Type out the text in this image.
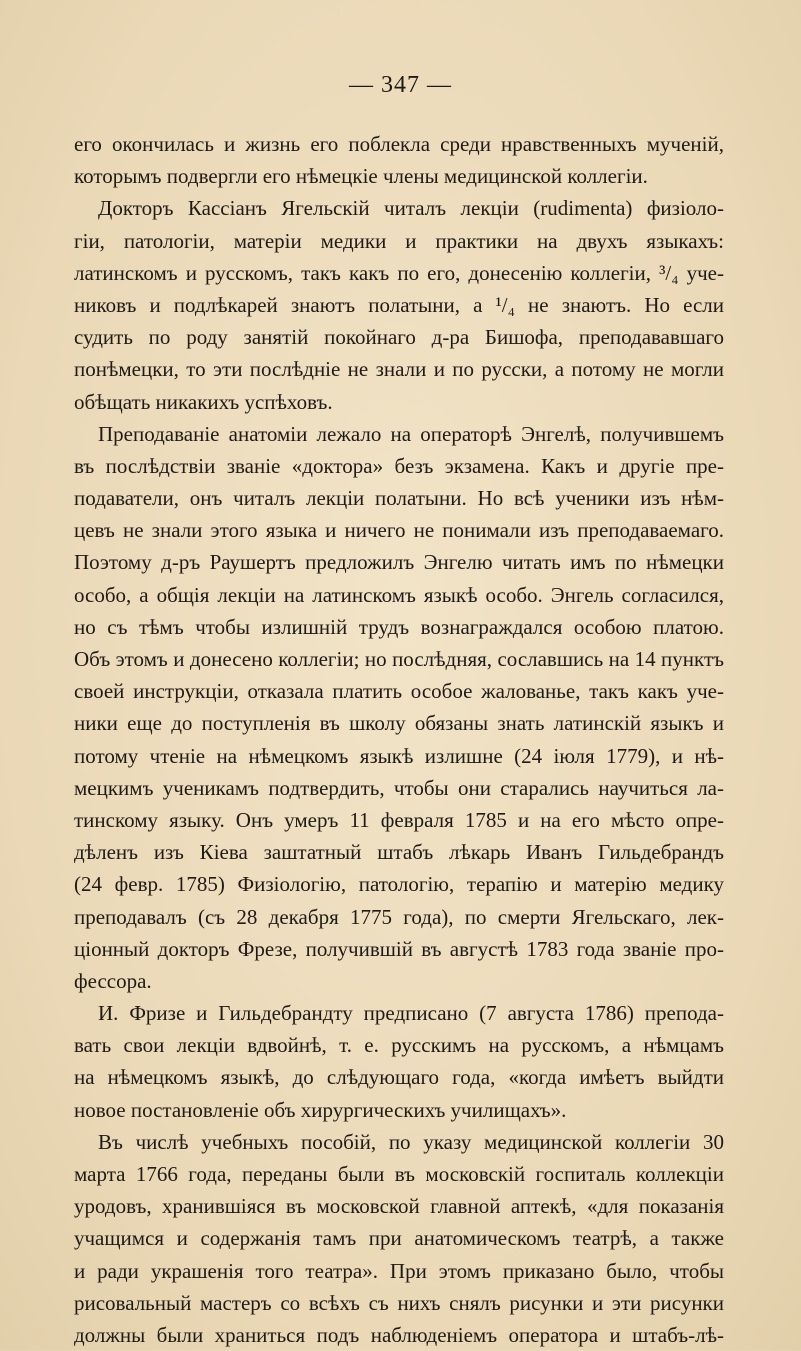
— 347 —
его окончилась и жизнь его поблекла среди нравственныхъ мученій,
которымъ подвергли его нѣмецкіе члены медицинской коллегіи.
Докторъ Кассіанъ Ягельскій читалъ лекціи (rudimenta) физіоло-
гіи, патологіи, матеріи медики и практики на двухъ языкахъ:
латинскомъ и русскомъ, такъ какъ по его, донесенію коллегіи, ³/₄ уче-
никовъ и подлѣкарей знаютъ полатыни, а ¹/₄ не знаютъ. Но если
судить по роду занятій покойнаго д-ра Бишофа, преподававшаго
понѣмецки, то эти послѣдніе не знали и по русски, а потому не могли
обѣщать никакихъ успѣховъ.
Преподаваніе анатоміи лежало на операторѣ Энгелѣ, получившемъ
въ послѣдствіи званіе «доктора» безъ экзамена. Какъ и другіе пре-
подаватели, онъ читалъ лекціи полатыни. Но всѣ ученики изъ нѣм-
цевъ не знали этого языка и ничего не понимали изъ преподаваемаго.
Поэтому д-ръ Раушертъ предложилъ Энгелю читать имъ по нѣмецки
особо, а общія лекціи на латинскомъ языкѣ особо. Энгель согласился,
но съ тѣмъ чтобы излишній трудъ вознаграждался особою платою.
Объ этомъ и донесено коллегіи; но послѣдняя, сославшись на 14 пунктъ
своей инструкціи, отказала платить особое жалованье, такъ какъ уче-
ники еще до поступленія въ школу обязаны знать латинскій языкъ и
потому чтеніе на нѣмецкомъ языкѣ излишне (24 іюля 1779), и нѣ-
мецкимъ ученикамъ подтвердить, чтобы они старались научиться ла-
тинскому языку. Онъ умеръ 11 февраля 1785 и на его мѣсто опре-
дѣленъ изъ Кіева заштатный штабъ лѣкарь Иванъ Гильдебрандъ
(24 февр. 1785) Физіологію, патологію, терапію и матерію медику
преподавалъ (съ 28 декабря 1775 года), по смерти Ягельскаго, лек-
ціонный докторъ Фрезе, получившій въ августѣ 1783 года званіе про-
фессора.
И. Фризе и Гильдебрандту предписано (7 августа 1786) препода-
вать свои лекціи вдвойнѣ, т. е. русскимъ на русскомъ, а нѣмцамъ
на нѣмецкомъ языкѣ, до слѣдующаго года, «когда имѣетъ выйдти
новое постановленіе объ хирургическихъ училищахъ».
Въ числѣ учебныхъ пособій, по указу медицинской коллегіи 30
марта 1766 года, переданы были въ московскій госпиталь коллекціи
уродовъ, хранившіяся въ московской главной аптекѣ, «для показанія
учащимся и содержанія тамъ при анатомическомъ театрѣ, а также
и ради украшенія того театра». При этомъ приказано было, чтобы
рисовальный мастеръ со всѣхъ съ нихъ снялъ рисунки и эти рисунки
должны были храниться подъ наблюденіемъ оператора и штабъ-лѣ-
